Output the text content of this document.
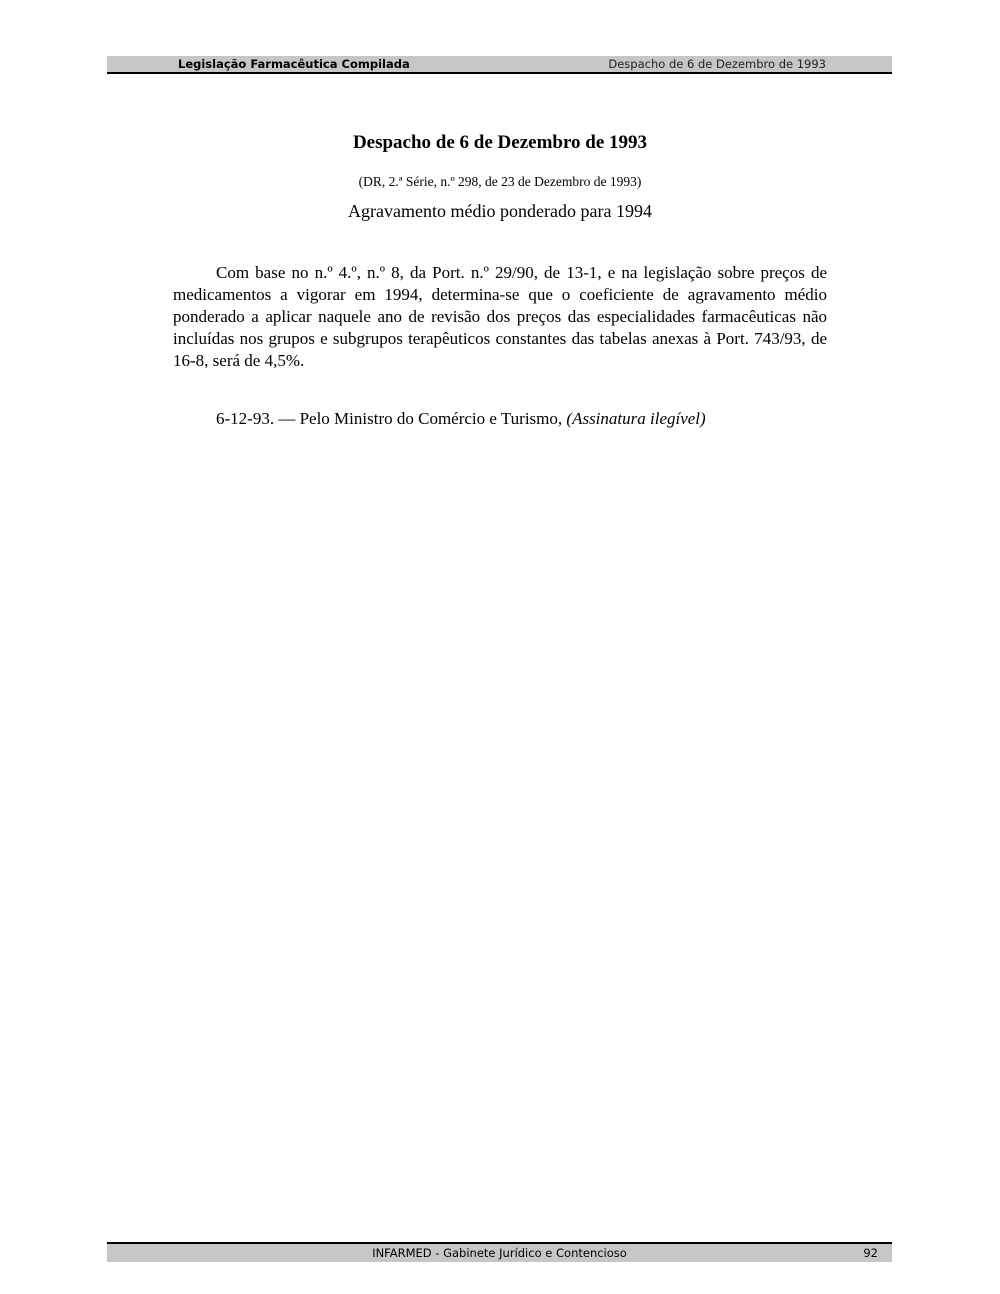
Legislação Farmacêutica Compilada	Despacho de 6 de Dezembro de 1993
Despacho de 6 de Dezembro de 1993
(DR, 2.ª Série, n.º 298, de 23 de Dezembro de 1993)
Agravamento médio ponderado para 1994

Com base no n.º 4.º, n.º 8, da Port. n.º 29/90, de 13-1, e na legislação sobre preços de medicamentos a vigorar em 1994, determina-se que o coeficiente de agravamento médio ponderado a aplicar naquele ano de revisão dos preços das especialidades farmacêuticas não incluídas nos grupos e subgrupos terapêuticos constantes das tabelas anexas à Port. 743/93, de 16-8, será de 4,5%.

6-12-93. — Pelo Ministro do Comércio e Turismo, (Assinatura ilegível)
INFARMED - Gabinete Jurídico e Contencioso	92
